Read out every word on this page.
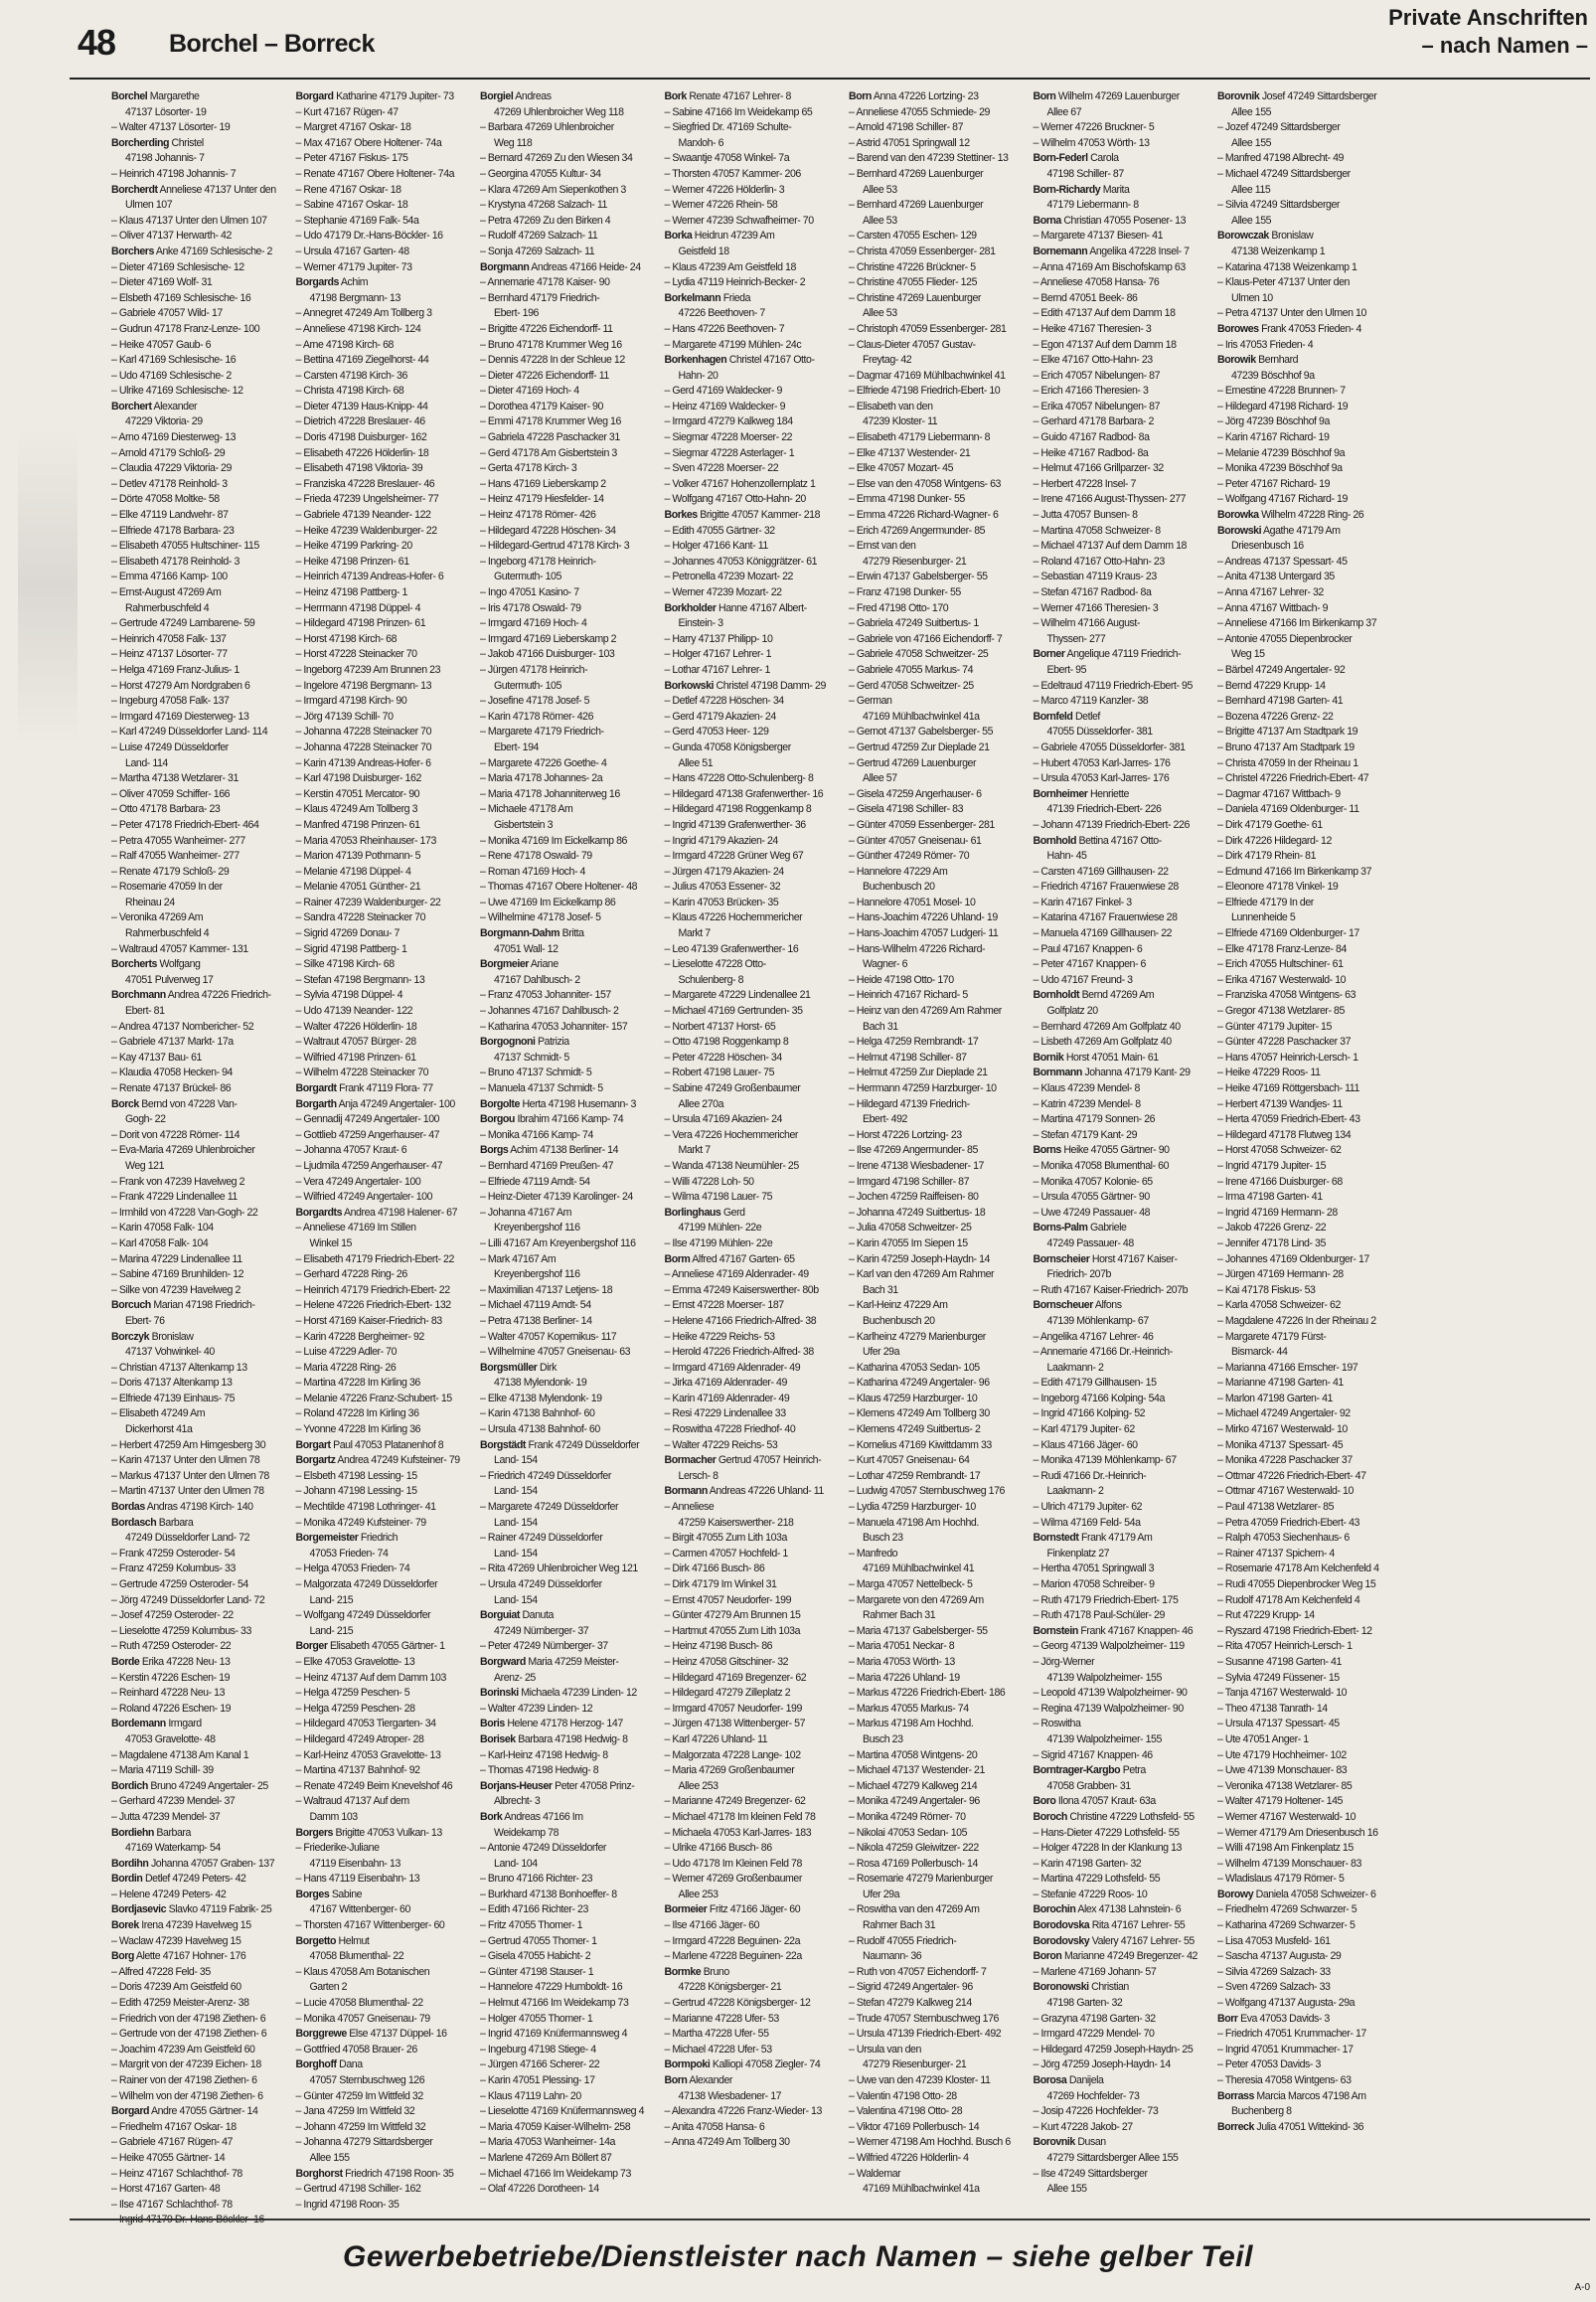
48 Borchel – Borreck
Private Anschriften
– nach Namen –
Borchel Margarethe
47137 Lösorter- 19
– Walter 47137 Lösorter- 19
Borcherding Christel
47198 Johannis- 7
– Heinrich 47198 Johannis- 7
Borcherdt Anneliese 47137 Unter den
Ulmen 107
– Klaus 47137 Unter den Ulmen 107
– Oliver 47137 Herwarth- 42
Borchers Anke 47169 Schlesische- 2
– Dieter 47169 Schlesische- 12
– Dieter 47169 Wolf- 31
– Elsbeth 47169 Schlesische- 16
– Gabriele 47057 Wild- 17
– Gudrun 47178 Franz-Lenze- 100
– Heike 47057 Gaub- 6
– Karl 47169 Schlesische- 16
– Udo 47169 Schlesische- 2
– Ulrike 47169 Schlesische- 12
Borchert Alexander
47229 Viktoria- 29
– Arno 47169 Diesterweg- 13
– Arnold 47179 Schloß- 29
– Claudia 47229 Viktoria- 29
– Detlev 47178 Reinhold- 3
– Dörte 47058 Moltke- 58
– Elke 47119 Landwehr- 87
– Elfriede 47178 Barbara- 23
– Elisabeth 47055 Hultschiner- 115
– Elisabeth 47178 Reinhold- 3
– Emma 47166 Kamp- 100
– Ernst-August 47269 Am
Rahmerbuschfeld 4
– Gertrude 47249 Lambarene- 59
– Heinrich 47058 Falk- 137
– Heinz 47137 Lösorter- 77
– Helga 47169 Franz-Julius- 1
– Horst 47279 Am Nordgraben 6
– Ingeburg 47058 Falk- 137
– Irmgard 47169 Diesterweg- 13
– Karl 47249 Düsseldorfer Land- 114
– Luise 47249 Düsseldorfer
Land- 114
– Martha 47138 Wetzlarer- 31
– Oliver 47059 Schiffer- 166
– Otto 47178 Barbara- 23
– Peter 47178 Friedrich-Ebert- 464
– Petra 47055 Wanheimer- 277
– Ralf 47055 Wanheimer- 277
– Renate 47179 Schloß- 29
– Rosemarie 47059 In der
Rheinau 24
– Veronika 47269 Am
Rahmerbuschfeld 4
– Waltraud 47057 Kammer- 131
Borcherts Wolfgang
47051 Pulverweg 17
Borchmann Andrea 47226 Friedrich-
Ebert- 81
– Andrea 47137 Nombericher- 52
– Gabriele 47137 Markt- 17a
– Kay 47137 Bau- 61
– Klaudia 47058 Hecken- 94
– Renate 47137 Brückel- 86
Borck Bernd von 47228 Van-
Gogh- 22
– Dorit von 47228 Römer- 114
– Eva-Maria 47269 Uhlenbroicher
Weg 121
– Frank von 47239 Havelweg 2
– Frank 47229 Lindenallee 11
– Irmhild von 47228 Van-Gogh- 22
– Karin 47058 Falk- 104
– Karl 47058 Falk- 104
– Marina 47229 Lindenallee 11
– Sabine 47169 Brunhilden- 12
– Silke von 47239 Havelweg 2
Borcuch Marian 47198 Friedrich-
Ebert- 76
Borczyk Bronislaw
47137 Vohwinkel- 40
– Christian 47137 Altenkamp 13
– Doris 47137 Altenkamp 13
– Elfriede 47139 Einhaus- 75
– Elisabeth 47249 Am
Dickerhorst 41a
– Herbert 47259 Am Himgesberg 30
– Karin 47137 Unter den Ulmen 78
– Markus 47137 Unter den Ulmen 78
– Martin 47137 Unter den Ulmen 78
Bordas Andras 47198 Kirch- 140
Bordasch Barbara
47249 Düsseldorfer Land- 72
– Frank 47259 Osteroder- 54
– Franz 47259 Kolumbus- 33
– Gertrude 47259 Osteroder- 54
– Jörg 47249 Düsseldorfer Land- 72
– Josef 47259 Osteroder- 22
– Lieselotte 47259 Kolumbus- 33
– Ruth 47259 Osteroder- 22
Borde Erika 47228 Neu- 13
– Kerstin 47226 Eschen- 19
– Reinhard 47228 Neu- 13
– Roland 47226 Eschen- 19
Bordemann Irmgard
47053 Gravelotte- 48
– Magdalene 47138 Am Kanal 1
– Maria 47119 Schill- 39
Bordich Bruno 47249 Angertaler- 25
– Gerhard 47239 Mendel- 37
– Jutta 47239 Mendel- 37
Bordiehn Barbara
47169 Waterkamp- 54
Bordihn Johanna 47057 Graben- 137
Bordin Detlef 47249 Peters- 42
– Helene 47249 Peters- 42
Bordjasevic Slavko 47119 Fabrik- 25
Borek Irena 47239 Havelweg 15
– Waclaw 47239 Havelweg 15
Borg Alette 47167 Hohner- 176
– Alfred 47228 Feld- 35
– Doris 47239 Am Geistfeld 60
– Edith 47259 Meister-Arenz- 38
– Friedrich von der 47198 Ziethen- 6
– Gertrude von der 47198 Ziethen- 6
– Joachim 47239 Am Geistfeld 60
– Margrit von der 47239 Eichen- 18
– Rainer von der 47198 Ziethen- 6
– Wilhelm von der 47198 Ziethen- 6
Borgard Andre 47055 Gärtner- 14
– Friedhelm 47167 Oskar- 18
– Gabriele 47167 Rügen- 47
– Heike 47055 Gärtner- 14
– Heinz 47167 Schlachthof- 78
– Horst 47167 Garten- 48
– Ilse 47167 Schlachthof- 78
Borgard Katharine 47179 Jupiter- 73
– Kurt 47167 Rügen- 47
– Margret 47167 Oskar- 18
– Max 47167 Obere Holtener- 74a
– Peter 47167 Fiskus- 175
– Renate 47167 Obere Holtener- 74a
– Rene 47167 Oskar- 18
– Sabine 47167 Oskar- 18
– Stephanie 47169 Falk- 54a
– Udo 47179 Dr.-Hans-Böckler- 16
– Ursula 47167 Garten- 48
– Werner 47179 Jupiter- 73
Borgards Achim
47198 Bergmann- 13
– Annegret 47249 Am Tollberg 3
– Anneliese 47198 Kirch- 124
– Arne 47198 Kirch- 68
– Bettina 47169 Ziegelhorst- 44
– Carsten 47198 Kirch- 36
– Christa 47198 Kirch- 68
– Dieter 47139 Haus-Knipp- 44
– Dietrich 47228 Breslauer- 46
– Doris 47198 Duisburger- 162
– Elisabeth 47226 Hölderlin- 18
– Elisabeth 47198 Viktoria- 39
– Franziska 47228 Breslauer- 46
– Frieda 47239 Ungelsheimer- 77
– Gabriele 47139 Neander- 122
– Heike 47239 Waldenburger- 22
– Heike 47199 Parkring- 20
– Heike 47198 Prinzen- 61
– Heinrich 47139 Andreas-Hofer- 6
– Heinz 47198 Pattberg- 1
– Herrmann 47198 Düppel- 4
– Hildegard 47198 Prinzen- 61
– Horst 47198 Kirch- 68
– Horst 47228 Steinacker 70
– Ingeborg 47239 Am Brunnen 23
– Ingelore 47198 Bergmann- 13
– Irmgard 47198 Kirch- 90
– Jörg 47139 Schill- 70
– Johanna 47228 Steinacker 70
– Johanna 47228 Steinacker 70
– Karin 47139 Andreas-Hofer- 6
– Karl 47198 Duisburger- 162
– Kerstin 47051 Mercator- 90
– Klaus 47249 Am Tollberg 3
– Manfred 47198 Prinzen- 61
– Maria 47053 Rheinhauser- 173
– Marion 47139 Pothmann- 5
– Melanie 47198 Düppel- 4
– Melanie 47051 Günther- 21
– Rainer 47239 Waldenburger- 22
– Sandra 47228 Steinacker 70
– Sigrid 47269 Donau- 7
– Sigrid 47198 Pattberg- 1
– Silke 47198 Kirch- 68
– Stefan 47198 Bergmann- 13
– Sylvia 47198 Düppel- 4
– Udo 47139 Neander- 122
– Walter 47226 Hölderlin- 18
– Waltraut 47057 Bürger- 28
– Wilfried 47198 Prinzen- 61
– Wilhelm 47228 Steinacker 70
Borgardt Frank 47119 Flora- 77
Borgarth Anja 47249 Angertaler- 100
– Gennadij 47249 Angertaler- 100
– Gottlieb 47259 Angerhauser- 47
– Johanna 47057 Kraut- 6
– Ljudmila 47259 Angerhauser- 47
– Vera 47249 Angertaler- 100
– Wilfried 47249 Angertaler- 100
Borgardts Andrea 47198 Halener- 67
– Anneliese 47169 Im Stillen
Winkel 15
– Elisabeth 47179 Friedrich-Ebert- 22
– Gerhard 47228 Ring- 26
– Heinrich 47179 Friedrich-Ebert- 22
– Helene 47226 Friedrich-Ebert- 132
– Horst 47169 Kaiser-Friedrich- 83
– Karin 47228 Bergheimer- 92
– Luise 47229 Adler- 70
– Maria 47228 Ring- 26
– Martina 47228 Im Kirling 36
– Melanie 47226 Franz-Schubert- 15
– Roland 47228 Im Kirling 36
– Yvonne 47228 Im Kirling 36
Borgart Paul 47053 Platanenhof 8
Borgartz Andrea 47249 Kufsteiner- 79
– Elsbeth 47198 Lessing- 15
– Johann 47198 Lessing- 15
– Mechtilde 47198 Lothringer- 41
– Monika 47249 Kufsteiner- 79
Borgemeister Friedrich
47053 Frieden- 74
– Helga 47053 Frieden- 74
– Malgorzata 47249 Düsseldorfer
Land- 215
– Wolfgang 47249 Düsseldorfer
Land- 215
Borger Elisabeth 47055 Gärtner- 1
– Elke 47053 Gravelotte- 13
– Heinz 47137 Auf dem Damm 103
– Helga 47259 Peschen- 5
– Helga 47259 Peschen- 28
– Hildegard 47053 Tiergarten- 34
– Hildegard 47249 Atroper- 28
– Karl-Heinz 47053 Gravelotte- 13
– Martina 47137 Bahnhof- 92
– Renate 47249 Beim Knevelshof 46
– Waltraud 47137 Auf dem
Damm 103
Borgers Brigitte 47053 Vulkan- 13
– Friederike-Juliane
47119 Eisenbahn- 13
– Hans 47119 Eisenbahn- 13
Borges Sabine
47167 Wittenberger- 60
– Thorsten 47167 Wittenberger- 60
Borgetto Helmut
47058 Blumenthal- 22
– Klaus 47058 Am Botanischen
Garten 2
– Lucie 47058 Blumenthal- 22
– Monika 47057 Gneisenau- 79
Borggrewe Else 47137 Düppel- 16
– Gottfried 47058 Brauer- 26
Borghoff Dana
47057 Sternbuschweg 126
– Günter 47259 Im Wittfeld 32
– Jana 47259 Im Wittfeld 32
– Johann 47259 Im Wittfeld 32
– Johanna 47279 Sittardsberger
Allee 155
Borghorst Friedrich 47198 Roon- 35
– Gertrud 47198 Schiller- 162
– Ingrid 47198 Roon- 35
Borgiel Andreas
47269 Uhlenbroicher Weg 118
– Barbara 47269 Uhlenbroicher
Weg 118
– Bernard 47269 Zu den Wiesen 34
– Georgina 47055 Kultur- 34
– Klara 47269 Am Siepenkothen 3
– Krystyna 47268 Salzach- 11
– Petra 47269 Zu den Birken 4
– Rudolf 47269 Salzach- 11
– Sonja 47269 Salzach- 11
Borgmann Andreas 47166 Heide- 24
– Annemarie 47178 Kaiser- 90
– Bernhard 47179 Friedrich-
Ebert- 196
– Brigitte 47226 Eichendorff- 11
– Bruno 47178 Krummer Weg 16
– Dennis 47228 In der Schleue 12
– Dieter 47226 Eichendorff- 11
– Dieter 47169 Hoch- 4
– Dorothea 47179 Kaiser- 90
– Emmi 47178 Krummer Weg 16
– Gabriela 47228 Paschacker 31
– Gerd 47178 Am Gisbertstein 3
– Gerta 47178 Kirch- 3
– Hans 47169 Lieberskamp 2
– Heinz 47179 Hiesfelder- 14
– Heinz 47178 Römer- 426
– Hildegard 47228 Höschen- 34
– Hildegard-Gertrud 47178 Kirch- 3
– Ingeborg 47178 Heinrich-
Gutermuth- 105
– Ingo 47051 Kasino- 7
– Iris 47178 Oswald- 79
– Irmgard 47169 Hoch- 4
– Irmgard 47169 Lieberskamp 2
– Jakob 47166 Duisburger- 103
– Jürgen 47178 Heinrich-
Gutermuth- 105
– Josefine 47178 Josef- 5
– Karin 47178 Römer- 426
– Margarete 47179 Friedrich-
Ebert- 194
– Margarete 47226 Goethe- 4
– Maria 47178 Johannes- 2a
– Maria 47178 Johanniterweg 16
– Michaele 47178 Am
Gisbertstein 3
– Monika 47169 Im Eickelkamp 86
– Rene 47178 Oswald- 79
– Roman 47169 Hoch- 4
– Thomas 47167 Obere Holtener- 48
– Uwe 47169 Im Eickelkamp 86
– Wilhelmine 47178 Josef- 5
Borgmann-Dahm Britta
47051 Wall- 12
Borgmeier Ariane
47167 Dahlbusch- 2
– Franz 47053 Johanniter- 157
– Johannes 47167 Dahlbusch- 2
– Katharina 47053 Johanniter- 157
Borgognoni Patrizia
47137 Schmidt- 5
– Bruno 47137 Schmidt- 5
– Manuela 47137 Schmidt- 5
Borgolte Herta 47198 Husemann- 3
Borgou Ibrahim 47166 Kamp- 74
– Monika 47166 Kamp- 74
Borgs Achim 47138 Berliner- 14
– Bernhard 47169 Preußen- 47
– Elfriede 47119 Arndt- 54
– Heinz-Dieter 47139 Karolinger- 24
– Johanna 47167 Am
Kreyenbergshof 116
– Lilli 47167 Am Kreyenbergshof 116
– Mark 47167 Am
Kreyenbergshof 116
– Maximilian 47137 Letjens- 18
– Michael 47119 Arndt- 54
– Petra 47138 Berliner- 14
– Walter 47057 Kopernikus- 117
– Wilhelmine 47057 Gneisenau- 63
Borgsmüller Dirk
47138 Mylendonk- 19
– Elke 47138 Mylendonk- 19
– Karin 47138 Bahnhof- 60
– Ursula 47138 Bahnhof- 60
Borgstädt Frank 47249 Düsseldorfer
Land- 154
– Friedrich 47249 Düsseldorfer
Land- 154
– Margarete 47249 Düsseldorfer
Land- 154
– Rainer 47249 Düsseldorfer
Land- 154
– Rita 47269 Uhlenbroicher Weg 121
– Ursula 47249 Düsseldorfer
Land- 154
Borguiat Danuta
47249 Nürnberger- 37
– Peter 47249 Nürnberger- 37
Borgward Maria 47259 Meister-
Arenz- 25
Borinski Michaela 47239 Linden- 12
– Walter 47239 Linden- 12
Boris Helene 47178 Herzog- 147
Borisek Barbara 47198 Hedwig- 8
– Karl-Heinz 47198 Hedwig- 8
– Thomas 47198 Hedwig- 8
Borjans-Heuser Peter 47058 Prinz-
Albrecht- 3
Bork Andreas 47166 Im
Weidekamp 78
– Antonie 47249 Düsseldorfer
Land- 104
– Bruno 47166 Richter- 23
– Burkhard 47138 Bonhoeffer- 8
– Edith 47166 Richter- 23
– Fritz 47055 Thomer- 1
– Gertrud 47055 Thomer- 1
– Gisela 47055 Habicht- 2
– Günter 47198 Stauser- 1
– Hannelore 47229 Humboldt- 16
– Helmut 47166 Im Weidekamp 73
– Holger 47055 Thomer- 1
– Ingrid 47169 Knüfermannsweg 4
– Ingeburg 47198 Stiege- 4
– Jürgen 47166 Scherer- 22
– Karin 47051 Plessing- 17
– Klaus 47119 Lahn- 20
– Lieselotte 47169 Knüfermannsweg 4
– Maria 47059 Kaiser-Wilhelm- 258
– Maria 47053 Wanheimer- 14a
– Marlene 47269 Am Böllert 87
– Michael 47166 Im Weidekamp 73
– Olaf 47226 Dorotheen- 14
Bork Renate 47167 Lehrer- 8
– Sabine 47166 Im Weidekamp 65
– Siegfried Dr. 47169 Schulte-
Marxloh- 6
– Swaantje 47058 Winkel- 7a
– Thorsten 47057 Kammer- 206
– Werner 47226 Hölderlin- 3
– Werner 47226 Rhein- 58
– Werner 47239 Schwafheimer- 70
Borka Heidrun 47239 Am
Geistfeld 18
– Klaus 47239 Am Geistfeld 18
– Lydia 47119 Heinrich-Becker- 2
Borkelmann Frieda
47226 Beethoven- 7
– Hans 47226 Beethoven- 7
– Margarete 47199 Mühlen- 24c
Borkenhagen Christel 47167 Otto-
Hahn- 20
– Gerd 47169 Waldecker- 9
– Heinz 47169 Waldecker- 9
– Irmgard 47279 Kalkweg 184
– Siegmar 47228 Moerser- 22
– Siegmar 47228 Asterlager- 1
– Sven 47228 Moerser- 22
– Volker 47167 Hohenzollernplatz 1
– Wolfgang 47167 Otto-Hahn- 20
Borkes Brigitte 47057 Kammer- 218
– Edith 47055 Gärtner- 32
– Holger 47166 Kant- 11
– Johannes 47053 Königgrätzer- 61
– Petronella 47239 Mozart- 22
– Werner 47239 Mozart- 22
Borkholder Hanne 47167 Albert-
Einstein- 3
– Harry 47137 Philipp- 10
– Holger 47167 Lehrer- 1
– Lothar 47167 Lehrer- 1
Borkowski Christel 47198 Damm- 29
– Detlef 47228 Höschen- 34
– Gerd 47179 Akazien- 24
– Gerd 47053 Heer- 129
– Gunda 47058 Königsberger
Allee 51
– Hans 47228 Otto-Schulenberg- 8
– Hildegard 47138 Grafenwerther- 16
– Hildegard 47198 Roggenkamp 8
– Ingrid 47139 Grafenwerther- 36
– Ingrid 47179 Akazien- 24
– Irmgard 47228 Grüner Weg 67
– Jürgen 47179 Akazien- 24
– Julius 47053 Essener- 32
– Karin 47053 Brücken- 35
– Klaus 47226 Hochemmericher
Markt 7
– Leo 47139 Grafenwerther- 16
– Lieselotte 47228 Otto-
Schulenberg- 8
– Margarete 47229 Lindenallee 21
– Michael 47169 Gertrunden- 35
– Norbert 47137 Horst- 65
– Otto 47198 Roggenkamp 8
– Peter 47228 Höschen- 34
– Robert 47198 Lauer- 75
– Sabine 47249 Großenbaumer
Allee 270a
– Ursula 47169 Akazien- 24
– Vera 47226 Hochemmericher
Markt 7
– Wanda 47138 Neumühler- 25
– Willi 47228 Loh- 50
– Wilma 47198 Lauer- 75
Borlinghaus Gerd
47199 Mühlen- 22e
– Ilse 47199 Mühlen- 22e
Borm Alfred 47167 Garten- 65
– Anneliese 47169 Aldenrader- 49
– Emma 47249 Kaiserswerther- 80b
– Ernst 47228 Moerser- 187
– Helene 47166 Friedrich-Alfred- 38
– Heike 47229 Reichs- 53
– Herold 47226 Friedrich-Alfred- 38
– Irmgard 47169 Aldenrader- 49
– Jirka 47169 Aldenrader- 49
– Karin 47169 Aldenrader- 49
– Resi 47229 Lindenallee 33
– Roswitha 47228 Friedhof- 40
– Walter 47229 Reichs- 53
Bormacher Gertrud 47057 Heinrich-
Lersch- 8
Bormann Andreas 47226 Uhland- 11
– Anneliese
47259 Kaiserswerther- 218
– Birgit 47055 Zum Lith 103a
– Carmen 47057 Hochfeld- 1
– Dirk 47166 Busch- 86
– Dirk 47179 Im Winkel 31
– Ernst 47057 Neudorfer- 199
– Günter 47279 Am Brunnen 15
– Hartmut 47055 Zum Lith 103a
– Heinz 47198 Busch- 86
– Heinz 47058 Gitschiner- 32
– Hildegard 47169 Bregenzer- 62
– Hildegard 47279 Zilleplatz 2
– Irmgard 47057 Neudorfer- 199
– Jürgen 47138 Wittenberger- 57
– Karl 47226 Uhland- 11
– Malgorzata 47228 Lange- 102
– Maria 47269 Großenbaumer
Allee 253
– Marianne 47249 Bregenzer- 62
– Michael 47178 Im kleinen Feld 78
– Michaela 47053 Karl-Jarres- 183
– Ulrike 47166 Busch- 86
– Udo 47178 Im Kleinen Feld 78
– Werner 47269 Großenbaumer
Allee 253
Bormeier Fritz 47166 Jäger- 60
– Ilse 47166 Jäger- 60
– Irmgard 47228 Beguinen- 22a
– Marlene 47228 Beguinen- 22a
Bormke Bruno
47228 Königsberger- 21
– Gertrud 47228 Königsberger- 12
– Marianne 47228 Ufer- 53
– Martha 47228 Ufer- 55
– Michael 47228 Ufer- 53
Bormpoki Kalliopi 47058 Ziegler- 74
Born Alexander
47138 Wiesbadener- 17
– Alexandra 47226 Franz-Wieder- 13
– Anita 47058 Hansa- 6
– Anna 47249 Am Tollberg 30
Born Anna 47226 Lortzing- 23
– Anneliese 47055 Schmiede- 29
– Arnold 47198 Schiller- 87
– Astrid 47051 Springwall 12
– Barend van den 47239 Stettiner- 13
– Bernhard 47269 Lauenburger
Allee 53
– Bernhard 47269 Lauenburger
Allee 53
– Carsten 47055 Eschen- 129
– Christa 47059 Essenberger- 281
– Christine 47226 Brückner- 5
– Christine 47055 Flieder- 125
– Christine 47269 Lauenburger
Allee 53
– Christoph 47059 Essenberger- 281
– Claus-Dieter 47057 Gustav-
Freytag- 42
– Dagmar 47169 Mühlbachwinkel 41
– Elfriede 47198 Friedrich-Ebert- 10
– Elisabeth van den
47239 Kloster- 11
– Elisabeth 47179 Liebermann- 8
– Elke 47137 Westender- 21
– Elke 47057 Mozart- 45
– Else van den 47058 Wintgens- 63
– Emma 47198 Dunker- 55
– Emma 47226 Richard-Wagner- 6
– Erich 47269 Angermunder- 85
– Ernst van den
47279 Riesenburger- 21
– Erwin 47137 Gabelsberger- 55
– Franz 47198 Dunker- 55
– Fred 47198 Otto- 170
– Gabriela 47249 Suitbertus- 1
– Gabriele von 47166 Eichendorff- 7
– Gabriele 47058 Schweitzer- 25
– Gabriele 47055 Markus- 74
– Gerd 47058 Schweitzer- 25
– German
47169 Mühlbachwinkel 41a
– Gernot 47137 Gabelsberger- 55
– Gertrud 47259 Zur Dieplade 21
– Gertrud 47269 Lauenburger
Allee 57
– Gisela 47259 Angerhauser- 6
– Gisela 47198 Schiller- 83
– Günter 47059 Essenberger- 281
– Günter 47057 Gneisenau- 61
– Günther 47249 Römer- 70
– Hannelore 47229 Am
Buchenbusch 20
– Hannelore 47051 Mosel- 10
– Hans-Joachim 47226 Uhland- 19
– Hans-Joachim 47057 Ludgeri- 11
– Hans-Wilhelm 47226 Richard-
Wagner- 6
– Heide 47198 Otto- 170
– Heinrich 47167 Richard- 5
– Heinz van den 47269 Am Rahmer
Bach 31
– Helga 47259 Rembrandt- 17
– Helmut 47198 Schiller- 87
– Helmut 47259 Zur Dieplade 21
– Herrmann 47259 Harzburger- 10
– Hildegard 47139 Friedrich-
Ebert- 492
– Horst 47226 Lortzing- 23
– Ilse 47269 Angermunder- 85
– Irene 47138 Wiesbadener- 17
– Irmgard 47198 Schiller- 87
– Jochen 47259 Raiffeisen- 80
– Johanna 47249 Suitbertus- 18
– Julia 47058 Schweitzer- 25
– Karin 47055 Im Siepen 15
– Karin 47259 Joseph-Haydn- 14
– Karl van den 47269 Am Rahmer
Bach 31
– Karl-Heinz 47229 Am
Buchenbusch 20
– Karlheinz 47279 Marienburger
Ufer 29a
– Katharina 47053 Sedan- 105
– Katharina 47249 Angertaler- 96
– Klaus 47259 Harzburger- 10
– Klemens 47249 Am Tollberg 30
– Klemens 47249 Suitbertus- 2
– Kornelius 47169 Kiwittdamm 33
– Kurt 47057 Gneisenau- 64
– Lothar 47259 Rembrandt- 17
– Ludwig 47057 Sternbuschweg 176
– Lydia 47259 Harzburger- 10
– Manuela 47198 Am Hochhd.
Busch 23
– Manfredo
47169 Mühlbachwinkel 41
– Marga 47057 Nettelbeck- 5
– Margarete von den 47269 Am
Rahmer Bach 31
– Maria 47137 Gabelsberger- 55
– Maria 47051 Neckar- 8
– Maria 47053 Wörth- 13
– Maria 47226 Uhland- 19
– Markus 47226 Friedrich-Ebert- 186
– Markus 47055 Markus- 74
– Markus 47198 Am Hochhd.
Busch 23
– Martina 47058 Wintgens- 20
– Michael 47137 Westender- 21
– Michael 47279 Kalkweg 214
– Monika 47249 Angertaler- 96
– Monika 47249 Römer- 70
– Nikolai 47053 Sedan- 105
– Nikola 47259 Gleiwitzer- 222
– Rosa 47169 Pollerbusch- 14
– Rosemarie 47279 Marienburger
Ufer 29a
– Roswitha van den 47269 Am
Rahmer Bach 31
– Rudolf 47055 Friedrich-
Naumann- 36
– Ruth von 47057 Eichendorff- 7
– Sigrid 47249 Angertaler- 96
– Stefan 47279 Kalkweg 214
– Trude 47057 Sternbuschweg 176
– Ursula 47139 Friedrich-Ebert- 492
– Ursula van den
47279 Riesenburger- 21
– Uwe van den 47239 Kloster- 11
– Valentin 47198 Otto- 28
– Valentina 47198 Otto- 28
– Viktor 47169 Pollerbusch- 14
– Werner 47198 Am Hochhd. Busch 6
– Wilfried 47226 Hölderlin- 4
– Waldemar
47169 Mühlbachwinkel 41a
Born Wilhelm 47269 Lauenburger
Allee 67
– Werner 47226 Bruckner- 5
– Wilhelm 47053 Wörth- 13
Born-Federl Carola
47198 Schiller- 87
Born-Richardy Marita
47179 Liebermann- 8
Borna Christian 47055 Posener- 13
– Margarete 47137 Biesen- 41
Bornemann Angelika 47228 Insel- 7
– Anna 47169 Am Bischofskamp 63
– Anneliese 47058 Hansa- 76
– Bernd 47051 Beek- 86
– Edith 47137 Auf dem Damm 18
– Heike 47167 Theresien- 3
– Egon 47137 Auf dem Damm 18
– Elke 47167 Otto-Hahn- 23
– Erich 47057 Nibelungen- 87
– Erich 47166 Theresien- 3
– Erika 47057 Nibelungen- 87
– Gerhard 47178 Barbara- 2
– Guido 47167 Radbod- 8a
– Heike 47167 Radbod- 8a
– Helmut 47166 Grillparzer- 32
– Herbert 47228 Insel- 7
– Irene 47166 August-Thyssen- 277
– Jutta 47057 Bunsen- 8
– Martina 47058 Schweizer- 8
– Michael 47137 Auf dem Damm 18
– Roland 47167 Otto-Hahn- 23
– Sebastian 47119 Kraus- 23
– Stefan 47167 Radbod- 8a
– Werner 47166 Theresien- 3
– Wilhelm 47166 August-
Thyssen- 277
Borner Angelique 47119 Friedrich-
Ebert- 95
– Edeltraud 47119 Friedrich-Ebert- 95
– Marco 47119 Kanzler- 38
Bornfeld Detlef
47055 Düsseldorfer- 381
– Gabriele 47055 Düsseldorfer- 381
– Hubert 47053 Karl-Jarres- 176
– Ursula 47053 Karl-Jarres- 176
Bornheimer Henriette
47139 Friedrich-Ebert- 226
– Johann 47139 Friedrich-Ebert- 226
Bornhold Bettina 47167 Otto-
Hahn- 45
– Carsten 47169 Gillhausen- 22
– Friedrich 47167 Frauenwiese 28
– Karin 47167 Finkel- 3
– Katarina 47167 Frauenwiese 28
– Manuela 47169 Gillhausen- 22
– Paul 47167 Knappen- 6
– Peter 47167 Knappen- 6
– Udo 47167 Freund- 3
Bornholdt Bernd 47269 Am
Golfplatz 20
– Bernhard 47269 Am Golfplatz 40
– Lisbeth 47269 Am Golfplatz 40
Bornik Horst 47051 Main- 61
Bornmann Johanna 47179 Kant- 29
– Klaus 47239 Mendel- 8
– Katrin 47239 Mendel- 8
– Martina 47179 Sonnen- 26
– Stefan 47179 Kant- 29
Borns Heike 47055 Gärtner- 90
– Monika 47058 Blumenthal- 60
– Monika 47057 Kolonie- 65
– Ursula 47055 Gärtner- 90
– Uwe 47249 Passauer- 48
Borns-Palm Gabriele
47249 Passauer- 48
Bornscheier Horst 47167 Kaiser-
Friedrich- 207b
– Ruth 47167 Kaiser-Friedrich- 207b
Bornscheuer Alfons
47139 Möhlenkamp- 67
– Angelika 47167 Lehrer- 46
– Annemarie 47166 Dr.-Heinrich-
Laakmann- 2
– Edith 47179 Gillhausen- 15
– Ingeborg 47166 Kolping- 54a
– Ingrid 47166 Kolping- 52
– Karl 47179 Jupiter- 62
– Klaus 47166 Jäger- 60
– Monika 47139 Möhlenkamp- 67
– Rudi 47166 Dr.-Heinrich-
Laakmann- 2
– Ulrich 47179 Jupiter- 62
– Wilma 47169 Feld- 54a
Bornstedt Frank 47179 Am
Finkenplatz 27
– Hertha 47051 Springwall 3
– Marion 47058 Schreiber- 9
– Ruth 47179 Friedrich-Ebert- 175
– Ruth 47178 Paul-Schüler- 29
Bornstein Frank 47167 Knappen- 46
– Georg 47139 Walpolzheimer- 119
– Jörg-Werner
47139 Walpolzheimer- 155
– Leopold 47139 Walpolzheimer- 90
– Regina 47139 Walpolzheimer- 90
– Roswitha
47139 Walpolzheimer- 155
– Sigrid 47167 Knappen- 46
Borntrager-Kargbo Petra
47058 Grabben- 31
Boro Ilona 47057 Kraut- 63a
Boroch Christine 47229 Lothsfeld- 55
– Hans-Dieter 47229 Lothsfeld- 55
– Holger 47228 In der Klankung 13
– Karin 47198 Garten- 32
– Martina 47229 Lothsfeld- 55
– Stefanie 47229 Roos- 10
Borochin Alex 47138 Lahnstein- 6
Borodovska Rita 47167 Lehrer- 55
Borodovsky Valery 47167 Lehrer- 55
Boron Marianne 47249 Bregenzer- 42
– Marlene 47169 Johann- 57
Boronowski Christian
47198 Garten- 32
– Grazyna 47198 Garten- 32
– Irmgard 47229 Mendel- 70
– Hildegard 47259 Joseph-Haydn- 25
– Jörg 47259 Joseph-Haydn- 14
Borosa Danijela
47269 Hochfelder- 73
– Josip 47226 Hochfelder- 73
– Kurt 47228 Jakob- 27
Borovnik Dusan
47279 Sittardsberger Allee 155
– Ilse 47249 Sittardsberger
Allee 155
Borovnik Josef 47249 Sittardsberger
Allee 155
– Jozef 47249 Sittardsberger
Allee 155
– Manfred 47198 Albrecht- 49
– Michael 47249 Sittardsberger
Allee 115
– Silvia 47249 Sittardsberger
Allee 155
Borowczak Bronislaw
47138 Weizenkamp 1
– Katarina 47138 Weizenkamp 1
– Klaus-Peter 47137 Unter den
Ulmen 10
– Petra 47137 Unter den Ulmen 10
Borowes Frank 47053 Frieden- 4
– Iris 47053 Frieden- 4
Borowik Bernhard
47239 Böschhof 9a
– Ernestine 47228 Brunnen- 7
– Hildegard 47198 Richard- 19
– Jörg 47239 Böschhof 9a
– Karin 47167 Richard- 19
– Melanie 47239 Böschhof 9a
– Monika 47239 Böschhof 9a
– Peter 47167 Richard- 19
– Wolfgang 47167 Richard- 19
Borowka Wilhelm 47228 Ring- 26
Borowski Agathe 47179 Am
Driesenbusch 16
– Andreas 47137 Spessart- 45
– Anita 47138 Untergard 35
– Anna 47167 Lehrer- 32
– Anna 47167 Wittbach- 9
– Anneliese 47166 Im Birkenkamp 37
– Antonie 47055 Diepenbrocker
Weg 15
– Bärbel 47249 Angertaler- 92
– Bernd 47229 Krupp- 14
– Bernhard 47198 Garten- 41
– Bozena 47226 Grenz- 22
– Brigitte 47137 Am Stadtpark 19
– Bruno 47137 Am Stadtpark 19
– Christa 47059 In der Rheinau 1
– Christel 47226 Friedrich-Ebert- 47
– Dagmar 47167 Wittbach- 9
– Daniela 47169 Oldenburger- 11
– Dirk 47179 Goethe- 61
– Dirk 47226 Hildegard- 12
– Dirk 47179 Rhein- 81
– Edmund 47166 Im Birkenkamp 37
– Eleonore 47178 Vinkel- 19
– Elfriede 47179 In der
Lunnenheide 5
– Elfriede 47169 Oldenburger- 17
– Elke 47178 Franz-Lenze- 84
– Erich 47055 Hultschiner- 61
– Erika 47167 Westerwald- 10
– Franziska 47058 Wintgens- 63
– Gregor 47138 Wetzlarer- 85
– Günter 47179 Jupiter- 15
– Günter 47228 Paschacker 37
– Hans 47057 Heinrich-Lersch- 1
– Heike 47229 Roos- 11
– Heike 47169 Röttgersbach- 111
– Herbert 47139 Wandjes- 11
– Herta 47059 Friedrich-Ebert- 43
– Hildegard 47178 Flutweg 134
– Horst 47058 Schweizer- 62
– Ingrid 47179 Jupiter- 15
– Irene 47166 Duisburger- 68
– Irma 47198 Garten- 41
– Ingrid 47169 Hermann- 28
– Jakob 47226 Grenz- 22
– Jennifer 47178 Lind- 35
– Johannes 47169 Oldenburger- 17
– Jürgen 47169 Hermann- 28
– Kai 47178 Fiskus- 53
– Karla 47058 Schweizer- 62
– Magdalene 47226 In der Rheinau 2
– Margarete 47179 Fürst-
Bismarck- 44
– Marianna 47166 Emscher- 197
– Marianne 47198 Garten- 41
– Marlon 47198 Garten- 41
– Michael 47249 Angertaler- 92
– Mirko 47167 Westerwald- 10
– Monika 47137 Spessart- 45
– Monika 47228 Paschacker 37
– Ottmar 47226 Friedrich-Ebert- 47
– Ottmar 47167 Westerwald- 10
– Paul 47138 Wetzlarer- 85
– Petra 47059 Friedrich-Ebert- 43
– Ralph 47053 Siechenhaus- 6
– Rainer 47137 Spichern- 4
– Rosemarie 47178 Am Kelchenfeld 4
– Rudi 47055 Diepenbrocker Weg 15
– Rudolf 47178 Am Kelchenfeld 4
– Rut 47229 Krupp- 14
– Ryszard 47198 Friedrich-Ebert- 12
– Rita 47057 Heinrich-Lersch- 1
– Susanne 47198 Garten- 41
– Sylvia 47249 Füssener- 15
– Tanja 47167 Westerwald- 10
– Theo 47138 Tanrath- 14
– Ursula 47137 Spessart- 45
– Ute 47051 Anger- 1
– Ute 47179 Hochheimer- 102
– Uwe 47139 Monschauer- 83
– Veronika 47138 Wetzlarer- 85
– Walter 47179 Holtener- 145
– Werner 47167 Westerwald- 10
– Werner 47179 Am Driesenbusch 16
– Willi 47198 Am Finkenplatz 15
– Wilhelm 47139 Monschauer- 83
– Wladislaus 47179 Römer- 5
Borowy Daniela 47058 Schweizer- 6
– Friedhelm 47269 Schwarzer- 5
– Katharina 47269 Schwarzer- 5
– Lisa 47053 Musfeld- 161
– Sascha 47137 Augusta- 29
– Silvia 47269 Salzach- 33
– Sven 47269 Salzach- 33
– Wolfgang 47137 Augusta- 29a
Borr Eva 47053 Davids- 3
– Friedrich 47051 Krummacher- 17
– Ingrid 47051 Krummacher- 17
– Peter 47053 Davids- 3
– Theresia 47058 Wintgens- 63
Borrass Marcia Marcos 47198 Am
Buchenberg 8
Borreck Julia 47051 Wittekind- 36
Gewerbebetriebe/Dienstleister nach Namen – siehe gelber Teil
A-0
